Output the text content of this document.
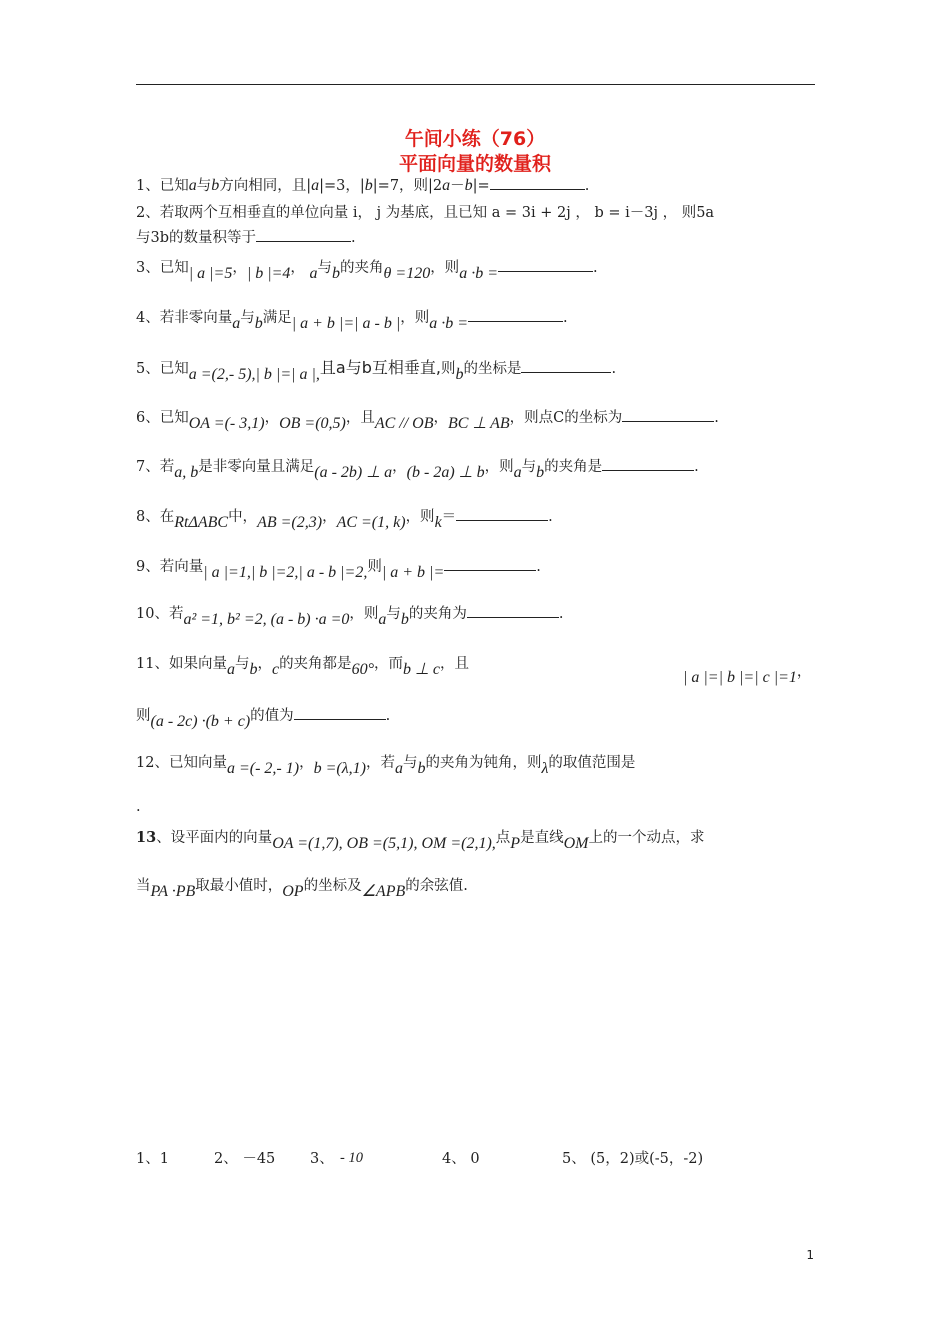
午间小练（76）
平面向量的数量积
1、已知a与b方向相同，且|a|=3，|b|=7，则|2a－b|=	.
2、若取两个互相垂直的单位向量 i， j 为基底，且已知 a = 3i + 2j ， b = i－3j ， 则5a
与3b的数量积等于	.
3、已知| a |=5，| b |=4， a与b的夹角θ =120，则a ·b =	.
4、若非零向量a与b满足| a + b |=| a - b |，则a ·b =	.
5、已知a =(2,- 5),| b |=| a |,且a与b互相垂直,则b的坐标是	.
6、已知OA =(- 3,1)，OB =(0,5)，且AC // OB，BC ⊥ AB，则点C的坐标为	.
7、若a, b是非零向量且满足(a - 2b) ⊥ a，(b - 2a) ⊥ b，则a与b的夹角是	.
8、在RtΔABC中，AB =(2,3)，AC =(1, k)，则k＝	.
9、若向量| a |=1,| b |=2,| a - b |=2,则| a + b |=	.
10、若a² =1, b² =2, (a - b) ·a =0，则a与b的夹角为	.
11、如果向量a与b，c的夹角都是60°，而b ⊥ c，且
| a |=| b |=| c |=1，
则(a - 2c) ·(b + c)的值为	.
12、已知向量a =(- 2,- 1)，b =(λ,1)，若a与b的夹角为钝角，则λ的取值范围是
.
13、设平面内的向量OA =(1,7), OB =(5,1), OM =(2,1),点P是直线OM上的一个动点，求
当PA ·PB取最小值时，OP的坐标及∠APB的余弦值.
1、1	2、 －45 3、 - 10	4、 0	5、 (5，2)或(-5，-2)
1
